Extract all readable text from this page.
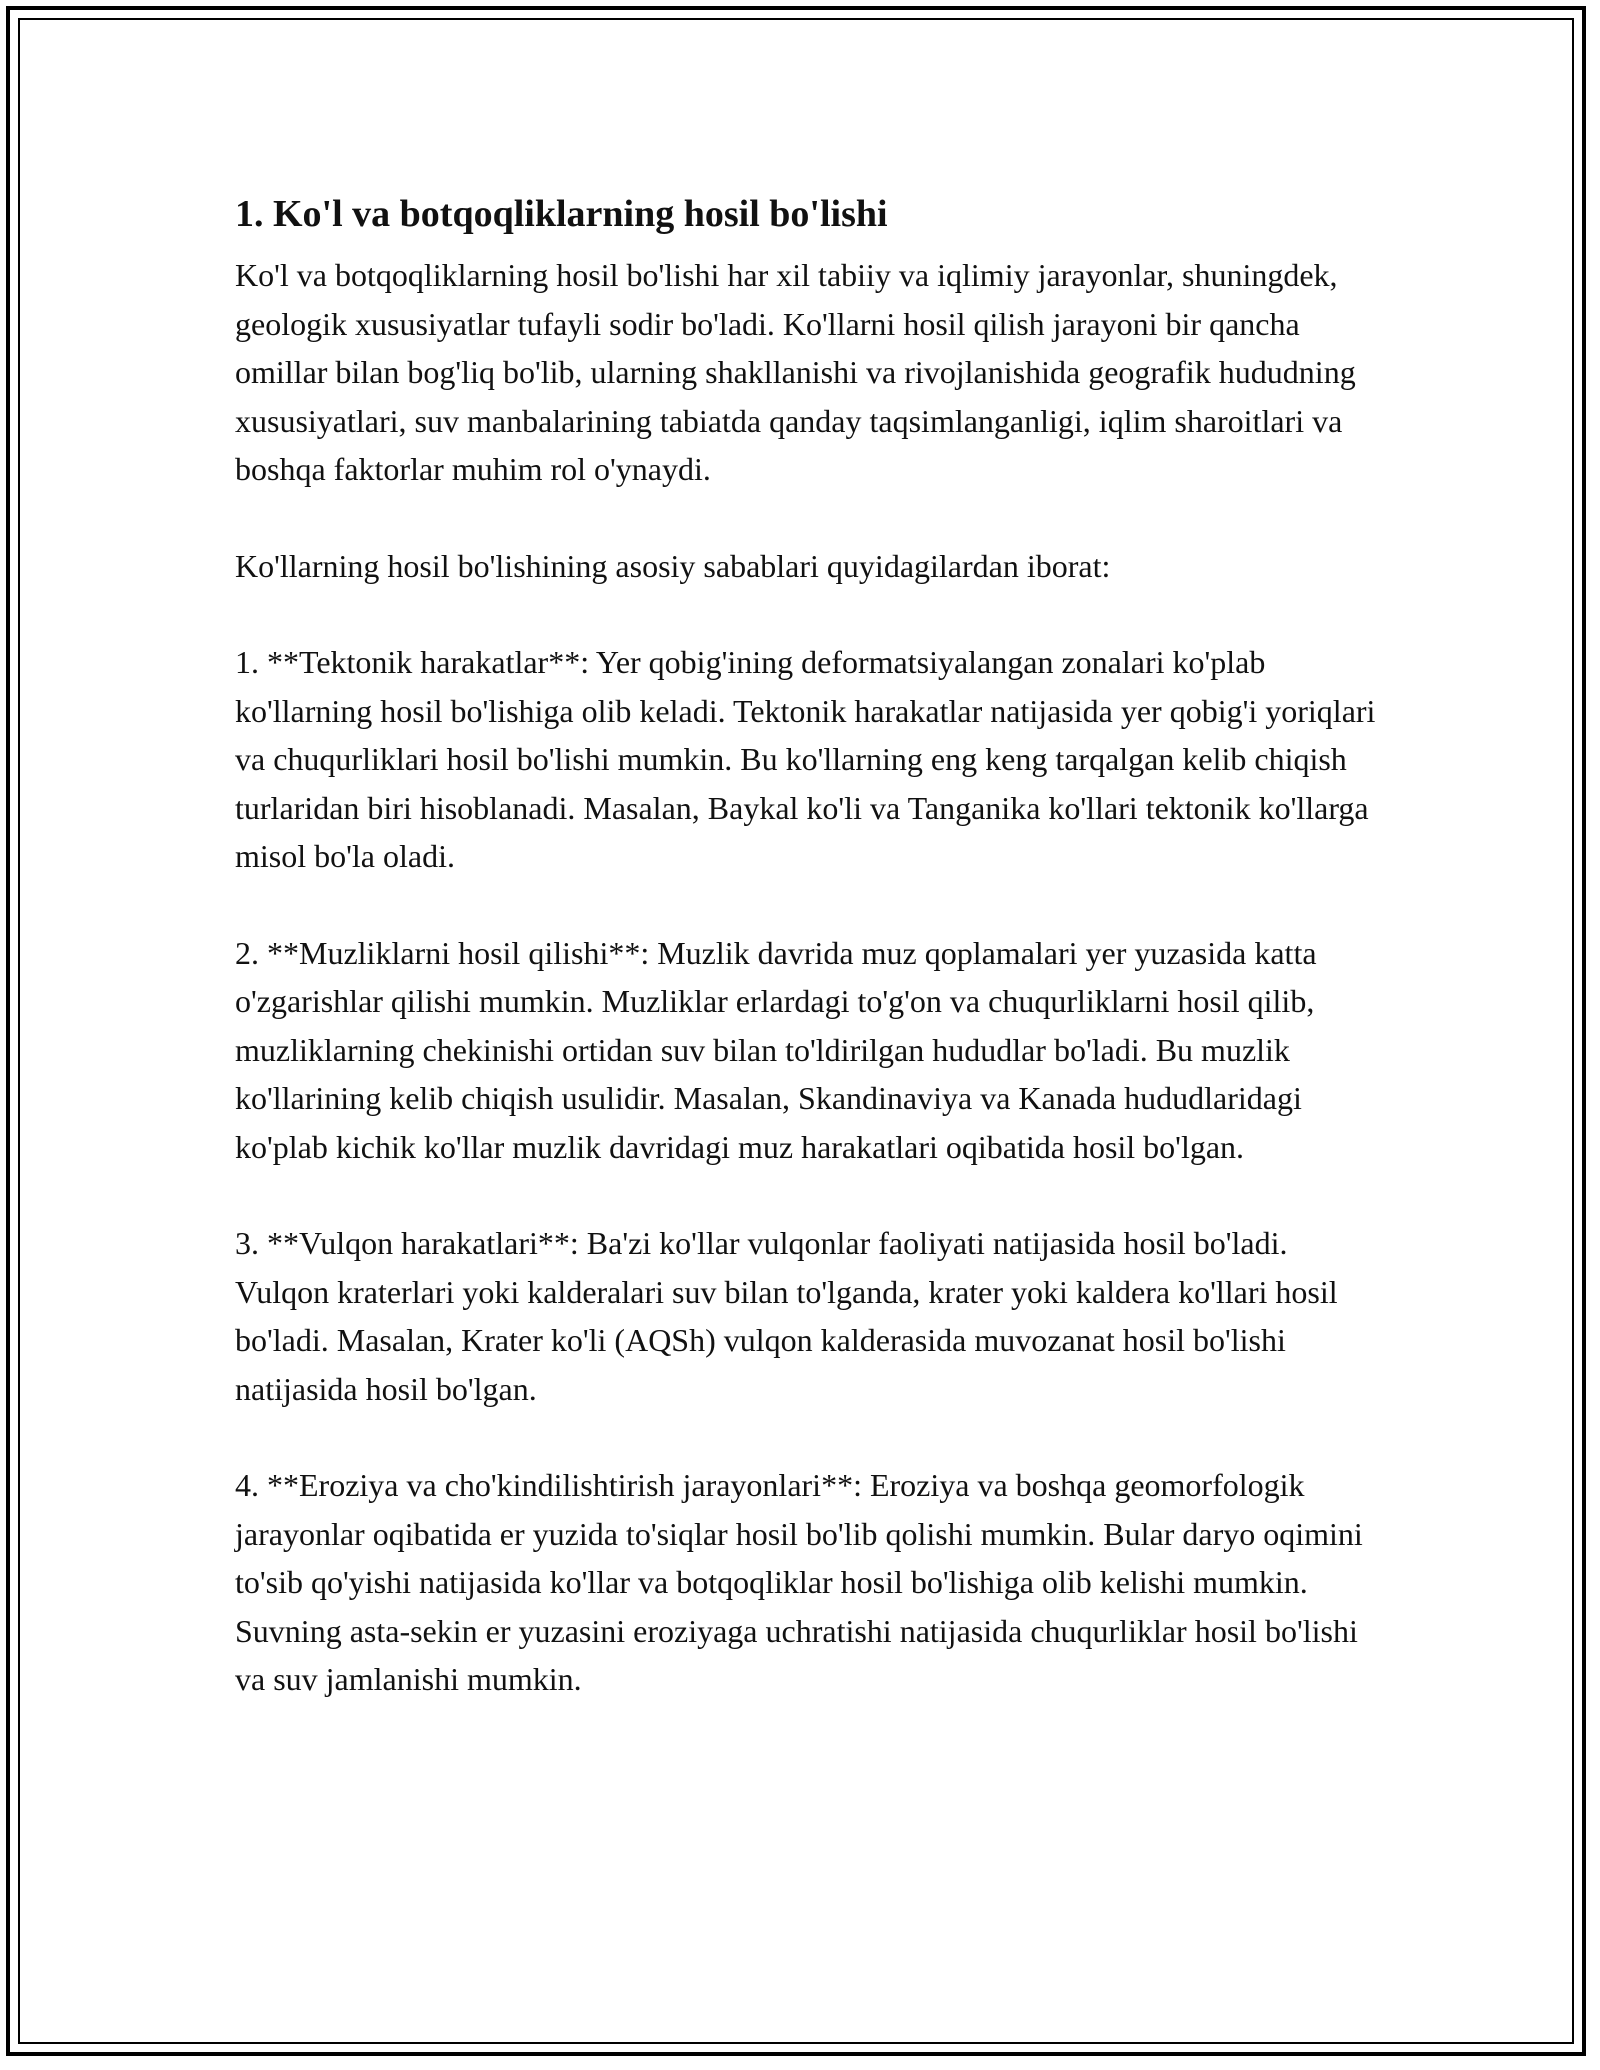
1. Ko'l va botqoqliklarning hosil bo'lishi

Ko'l va botqoqliklarning hosil bo'lishi har xil tabiiy va iqlimiy jarayonlar, shuningdek, geologik xususiyatlar tufayli sodir bo'ladi. Ko'llarni hosil qilish jarayoni bir qancha omillar bilan bog'liq bo'lib, ularning shakllanishi va rivojlanishida geografik hududning xususiyatlari, suv manbalarining tabiatda qanday taqsimlanganligi, iqlim sharoitlari va boshqa faktorlar muhim rol o'ynaydi.

Ko'llarning hosil bo'lishining asosiy sabablari quyidagilardan iborat:

1. **Tektonik harakatlar**: Yer qobig'ining deformatsiyalangan zonalari ko'plab ko'llarning hosil bo'lishiga olib keladi. Tektonik harakatlar natijasida yer qobig'i yoriqlari va chuqurliklari hosil bo'lishi mumkin. Bu ko'llarning eng keng tarqalgan kelib chiqish turlaridan biri hisoblanadi. Masalan, Baykal ko'li va Tanganika ko'llari tektonik ko'llarga misol bo'la oladi.

2. **Muzliklarni hosil qilishi**: Muzlik davrida muz qoplamalari yer yuzasida katta o'zgarishlar qilishi mumkin. Muzliklar erlardagi to'g'on va chuqurliklarni hosil qilib, muzliklarning chekinishi ortidan suv bilan to'ldirilgan hududlar bo'ladi. Bu muzlik ko'llarining kelib chiqish usulidir. Masalan, Skandinaviya va Kanada hududlaridagi ko'plab kichik ko'llar muzlik davridagi muz harakatlari oqibatida hosil bo'lgan.

3. **Vulqon harakatlari**: Ba'zi ko'llar vulqonlar faoliyati natijasida hosil bo'ladi. Vulqon kraterlari yoki kalderalari suv bilan to'lganda, krater yoki kaldera ko'llari hosil bo'ladi. Masalan, Krater ko'li (AQSh) vulqon kalderasida muvozanat hosil bo'lishi natijasida hosil bo'lgan.

4. **Eroziya va cho'kindilishtirish jarayonlari**: Eroziya va boshqa geomorfologik jarayonlar oqibatida er yuzida to'siqlar hosil bo'lib qolishi mumkin. Bular daryo oqimini to'sib qo'yishi natijasida ko'llar va botqoqliklar hosil bo'lishiga olib kelishi mumkin. Suvning asta-sekin er yuzasini eroziyaga uchratishi natijasida chuqurliklar hosil bo'lishi va suv jamlanishi mumkin.
